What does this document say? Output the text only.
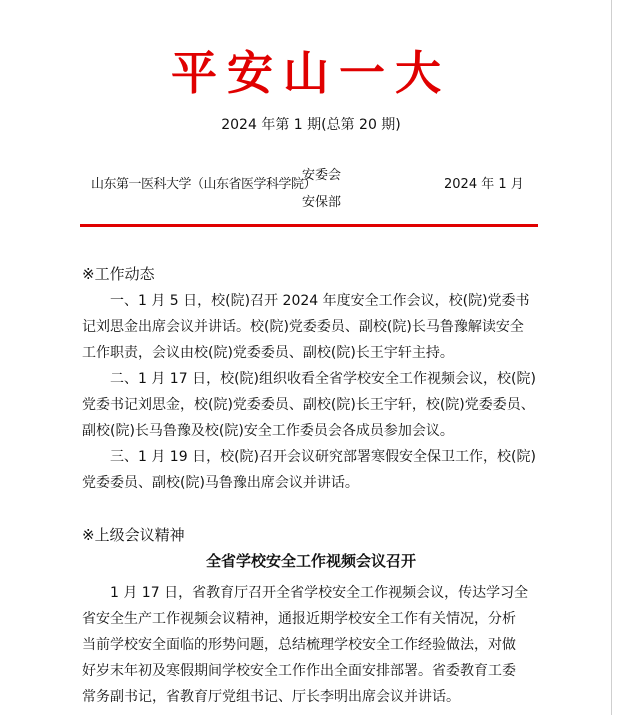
平安山一大
2024 年第 1 期(总第 20 期)
山东第一医科大学（山东省医学科学院）
安委会
安保部
2024 年 1 月
※工作动态
一、1 月 5 日，校(院)召开 2024 年度安全工作会议，校(院)党委书
记刘思金出席会议并讲话。校(院)党委委员、副校(院)长马鲁豫解读安全
工作职责，会议由校(院)党委委员、副校(院)长王宇轩主持。
二、1 月 17 日，校(院)组织收看全省学校安全工作视频会议，校(院)
党委书记刘思金，校(院)党委委员、副校(院)长王宇轩，校(院)党委委员、
副校(院)长马鲁豫及校(院)安全工作委员会各成员参加会议。
三、1 月 19 日，校(院)召开会议研究部署寒假安全保卫工作，校(院)
党委委员、副校(院)马鲁豫出席会议并讲话。
※上级会议精神
全省学校安全工作视频会议召开
1 月 17 日，省教育厅召开全省学校安全工作视频会议，传达学习全
省安全生产工作视频会议精神，通报近期学校安全工作有关情况，分析
当前学校安全面临的形势问题，总结梳理学校安全工作经验做法，对做
好岁末年初及寒假期间学校安全工作作出全面安排部署。省委教育工委
常务副书记，省教育厅党组书记、厅长李明出席会议并讲话。
